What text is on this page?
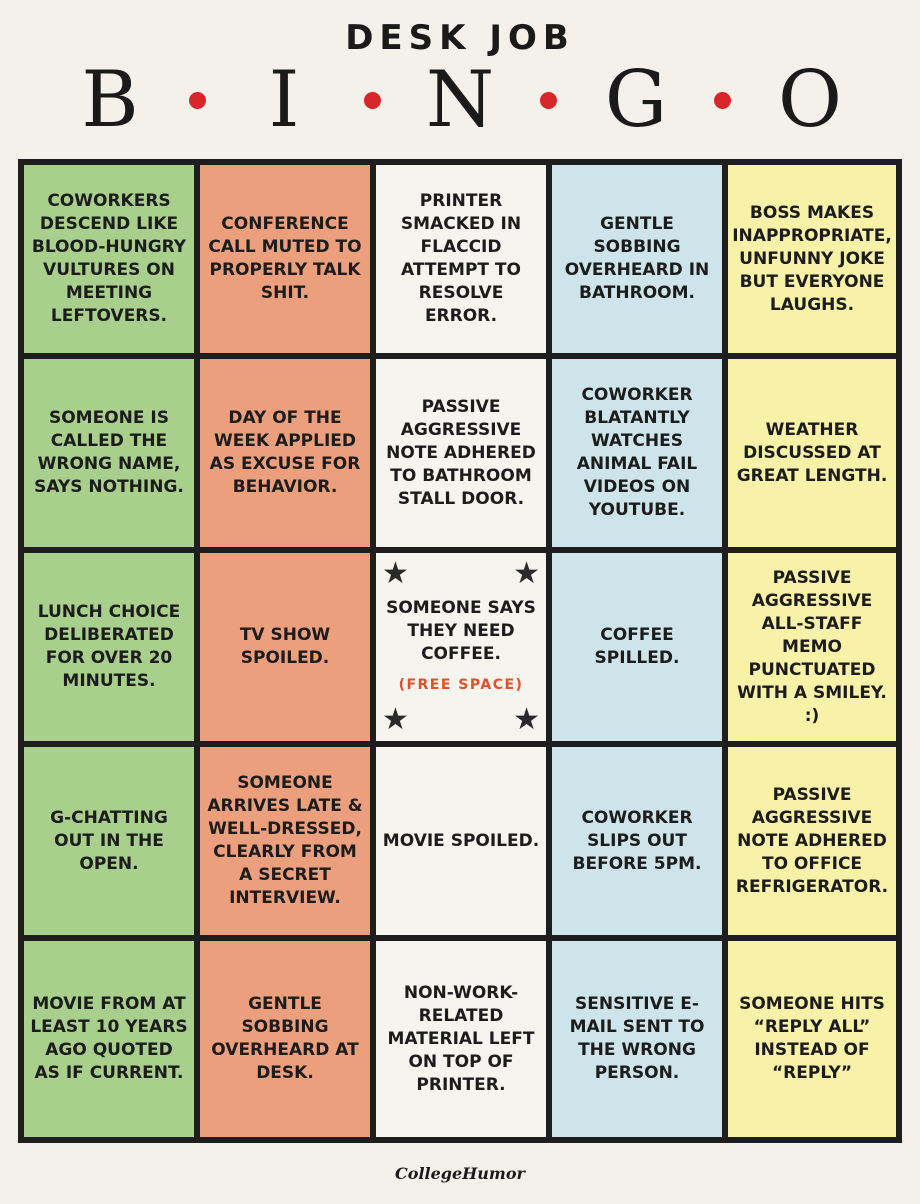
DESK JOB
B	I	N G O
COWORKERS DESCEND LIKE BLOOD-HUNGRY VULTURES ON MEETING LEFTOVERS.
CONFERENCE CALL MUTED TO PROPERLY TALK SHIT.
PRINTER SMACKED IN FLACCID ATTEMPT TO RESOLVE ERROR.
GENTLE SOBBING OVERHEARD IN BATHROOM.
BOSS MAKES INAPPROPRIATE, UNFUNNY JOKE BUT EVERYONE LAUGHS.
SOMEONE IS CALLED THE WRONG NAME, SAYS NOTHING.
DAY OF THE WEEK APPLIED AS EXCUSE FOR BEHAVIOR.
PASSIVE AGGRESSIVE NOTE ADHERED TO BATHROOM STALL DOOR.
COWORKER BLATANTLY WATCHES ANIMAL FAIL VIDEOS ON YOUTUBE.
WEATHER DISCUSSED AT GREAT LENGTH.
LUNCH CHOICE DELIBERATED FOR OVER 20 MINUTES.
TV SHOW SPOILED.
★	★
★	★
SOMEONE SAYS THEY NEED COFFEE.
(FREE SPACE)
COFFEE SPILLED.
PASSIVE AGGRESSIVE ALL-STAFF MEMO PUNCTUATED WITH A SMILEY. :)
G-CHATTING OUT IN THE OPEN.
SOMEONE ARRIVES LATE & WELL-DRESSED, CLEARLY FROM A SECRET INTERVIEW.
MOVIE SPOILED.
COWORKER SLIPS OUT BEFORE 5PM.
PASSIVE AGGRESSIVE NOTE ADHERED TO OFFICE REFRIGERATOR.
MOVIE FROM AT LEAST 10 YEARS AGO QUOTED AS IF CURRENT.
GENTLE SOBBING OVERHEARD AT DESK.
NON-WORK-RELATED MATERIAL LEFT ON TOP OF PRINTER.
SENSITIVE E-MAIL SENT TO THE WRONG PERSON.
SOMEONE HITS “REPLY ALL” INSTEAD OF “REPLY”
CollegeHumor
